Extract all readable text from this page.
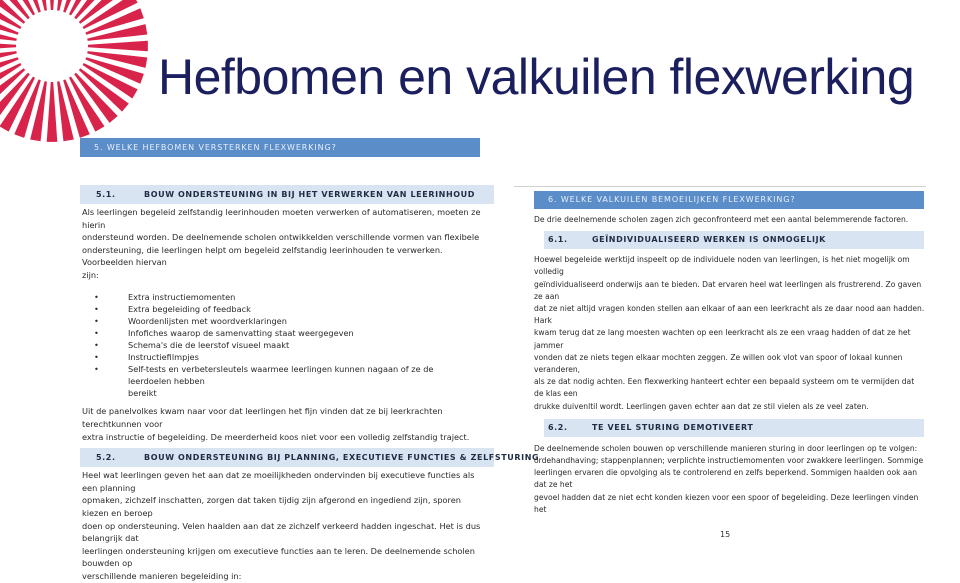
Hefbomen en valkuilen flexwerking
5. WELKE HEFBOMEN VERSTERKEN FLEXWERKING?
5.1.	BOUW ONDERSTEUNING IN BIJ HET VERWERKEN VAN LEERINHOUD

Als leerlingen begeleid zelfstandig leerinhouden moeten verwerken of automatiseren, moeten ze hierin

ondersteund worden. De deelnemende scholen ontwikkelden verschillende vormen van flexibele

ondersteuning, die leerlingen helpt om begeleid zelfstandig leerinhouden te verwerken. Voorbeelden hiervan

zijn:

•	Extra instructiemomenten
•	Extra begeleiding of feedback
•	Woordenlijsten met woordverklaringen
•	Infofiches waarop de samenvatting staat weergegeven
•	Schema's die de leerstof visueel maakt
•	Instructiefilmpjes
•	Self-tests en verbetersleutels waarmee leerlingen kunnen nagaan of ze de leerdoelen hebben
bereikt

Uit de panelvolkes kwam naar voor dat leerlingen het fijn vinden dat ze bij leerkrachten terechtkunnen voor

extra instructie of begeleiding. De meerderheid koos niet voor een volledig zelfstandig traject.

5.2.	BOUW ONDERSTEUNING BIJ PLANNING, EXECUTIEVE FUNCTIES & ZELFSTURING

Heel wat leerlingen geven het aan dat ze moeilijkheden ondervinden bij executieve functies als een planning

opmaken, zichzelf inschatten, zorgen dat taken tijdig zijn afgerond en ingediend zijn, sporen kiezen en beroep

doen op ondersteuning. Velen haalden aan dat ze zichzelf verkeerd hadden ingeschat. Het is dus belangrijk dat

leerlingen ondersteuning krijgen om executieve functies aan te leren. De deelnemende scholen bouwden op

verschillende manieren begeleiding in:

6. WELKE VALKUILEN BEMOEILIJKEN FLEXWERKING?

De drie deelnemende scholen zagen zich geconfronteerd met een aantal belemmerende factoren.

6.1.	GEÏNDIVIDUALISEERD WERKEN IS ONMOGELIJK

Hoewel begeleide werktijd inspeelt op de individuele noden van leerlingen, is het niet mogelijk om volledig

geïndividualiseerd onderwijs aan te bieden. Dat ervaren heel wat leerlingen als frustrerend. Zo gaven ze aan

dat ze niet altijd vragen konden stellen aan elkaar of aan een leerkracht als ze daar nood aan hadden. Hark

kwam terug dat ze lang moesten wachten op een leerkracht als ze een vraag hadden of dat ze het jammer

vonden dat ze niets tegen elkaar mochten zeggen. Ze willen ook vlot van spoor of lokaal kunnen veranderen,

als ze dat nodig achten. Een flexwerking hanteert echter een bepaald systeem om te vermijden dat de klas een

drukke duivenltil wordt. Leerlingen gaven echter aan dat ze stil vielen als ze veel zaten.

6.2.	TE VEEL STURING DEMOTIVEERT

De deelnemende scholen bouwen op verschillende manieren sturing in door leerlingen op te volgen:

ordehandhaving; stappenplannen; verplichte instructiemomenten voor zwakkere leerlingen. Sommige

leerlingen ervaren die opvolging als te controlerend en zelfs beperkend. Sommigen haalden ook aan dat ze het

gevoel hadden dat ze niet echt konden kiezen voor een spoor of begeleiding. Deze leerlingen vinden het

15
